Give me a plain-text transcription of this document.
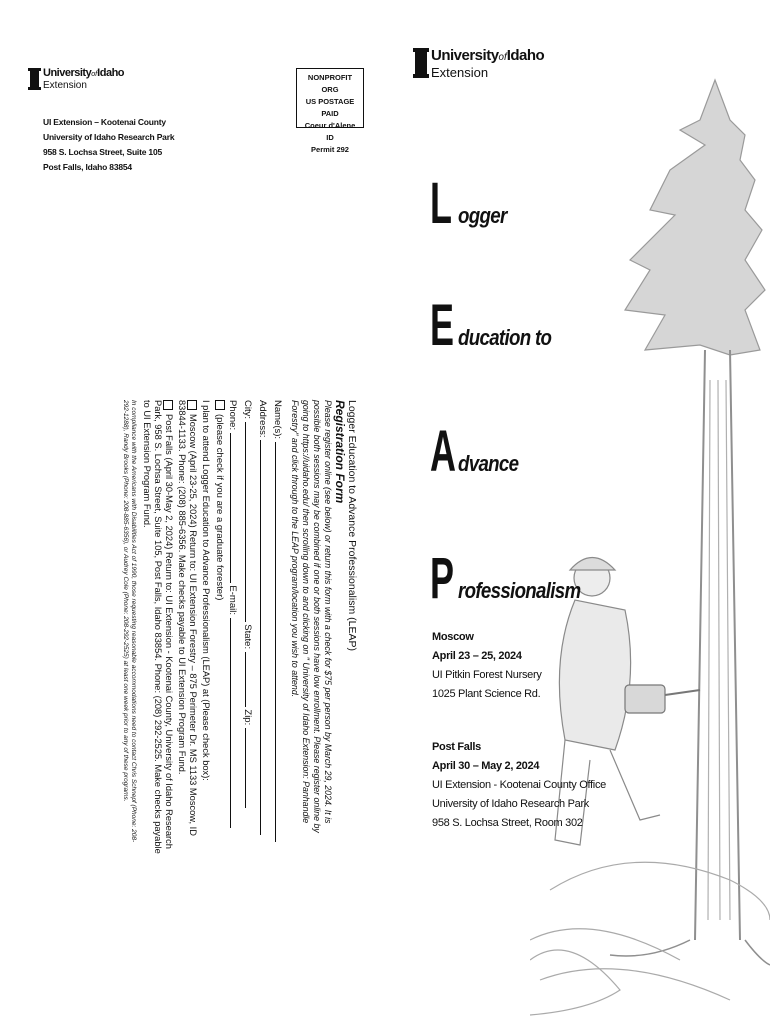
UniversityofIdaho
Extension
UI Extension – Kootenai County
University of Idaho Research Park
958 S. Lochsa Street, Suite 105
Post Falls, Idaho 83854
NONPROFIT ORG
US POSTAGE PAID
Coeur d'Alene ID
Permit 292
Logger Education to Advance Professionalism (LEAP)
Registration Form
Please register online (see below) or return this form with a check for $75 per person by March 29, 2024. It is possible both sessions may be combined if one or both sessions have low enrollment. Please register online by going to https://uidaho.edu/ then scrolling down to and clicking on " University of Idaho Extension: Panhandle Forestry" and click through to the LEAP program/location you wish to attend.
Name(s):
Address:
City:  State:  Zip:
Phone:  E-mail:
(please check if you are a graduate forester)
I plan to attend Logger Education to Advance Professionalism (LEAP) at (Please check box):
Moscow (April 23-25, 2024) Return to: UI Extension Forestry – 875 Perimeter Dr. MS 1133 Moscow, ID 83844-1133. Phone: (208) 885-6356. Make checks payable to UI Extension Program Fund.
Post Falls (April 30-May 2, 2024) Return to: UI Extension - Kootenai County, University of Idaho Research Park, 958 S. Lochsa Street, Suite 105, Post Falls, Idaho 83854. Phone: (208) 292-2525. Make checks payable to UI Extension Program Fund.
In compliance with the Americans with Disabilities Act of 1990, those requesting reasonable accommodations need to contact Chris Schnepf (Phone: 208-292-1288), Randy Brooks (Phone: 208-885-6356), or Audrey Cole (Phone: 208-292-2525) at least one week prior to any of these programs.
UniversityofIdaho
Extension
L ogger
E ducation to
A dvance
P rofessionalism
Moscow
April 23 – 25, 2024
UI Pitkin Forest Nursery
1025 Plant Science Rd.
Post Falls
April 30 – May 2, 2024
UI Extension - Kootenai County Office
University of Idaho Research Park
958 S. Lochsa Street, Room 302
